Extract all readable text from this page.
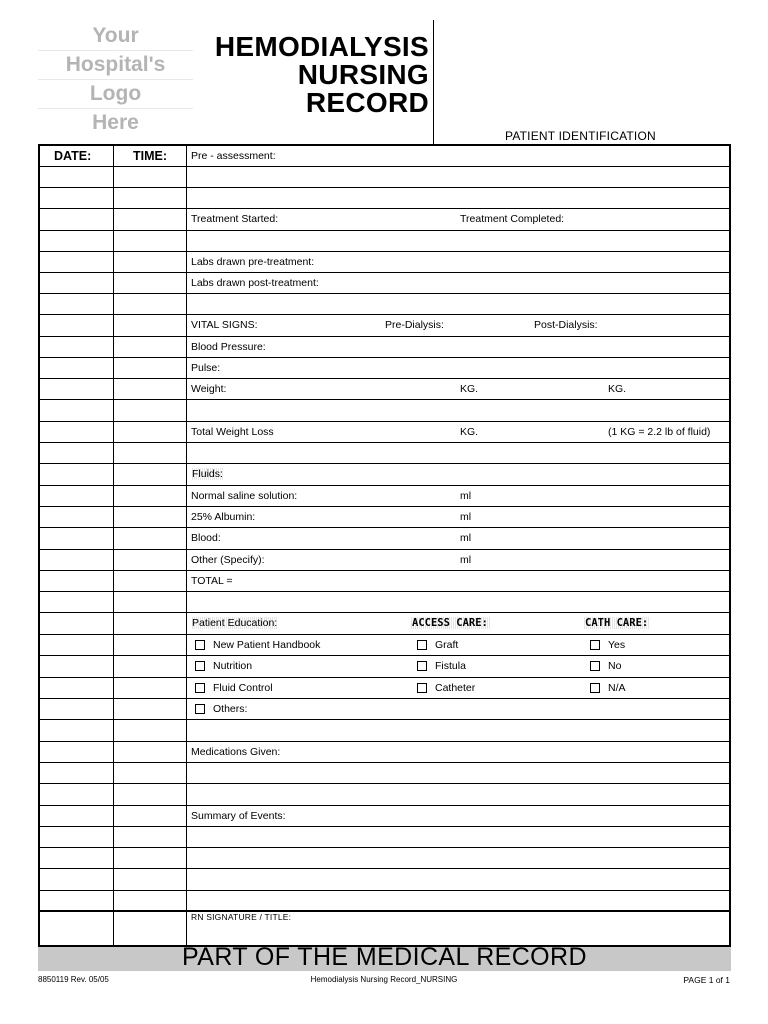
Your
Hospital's
Logo
Here
HEMODIALYSIS
NURSING
RECORD
PATIENT IDENTIFICATION
DATE:	TIME: Pre - assessment:
Treatment Started:	Treatment Completed:
Labs drawn pre-treatment:
Labs drawn post-treatment:
VITAL SIGNS:	Pre-Dialysis:	Post-Dialysis:
Blood Pressure:
Pulse:
Weight:	KG.	KG.
Total Weight Loss	KG.	(1 KG = 2.2 lb of fluid)
Fluids:
Normal saline solution:	ml
25% Albumin:	ml
Blood:	ml
Other (Specify):	ml
TOTAL =
Patient Education:	ACCESS CARE:	CATH CARE:
New Patient Handbook	Graft	Yes
Nutrition	Fistula	No
Fluid Control	Catheter	N/A
Others:
Medications Given:
Summary of Events:
RN SIGNATURE / TITLE:
PART OF THE MEDICAL RECORD
8850119 Rev. 05/05	Hemodialysis Nursing Record_NURSING	PAGE 1 of 1
